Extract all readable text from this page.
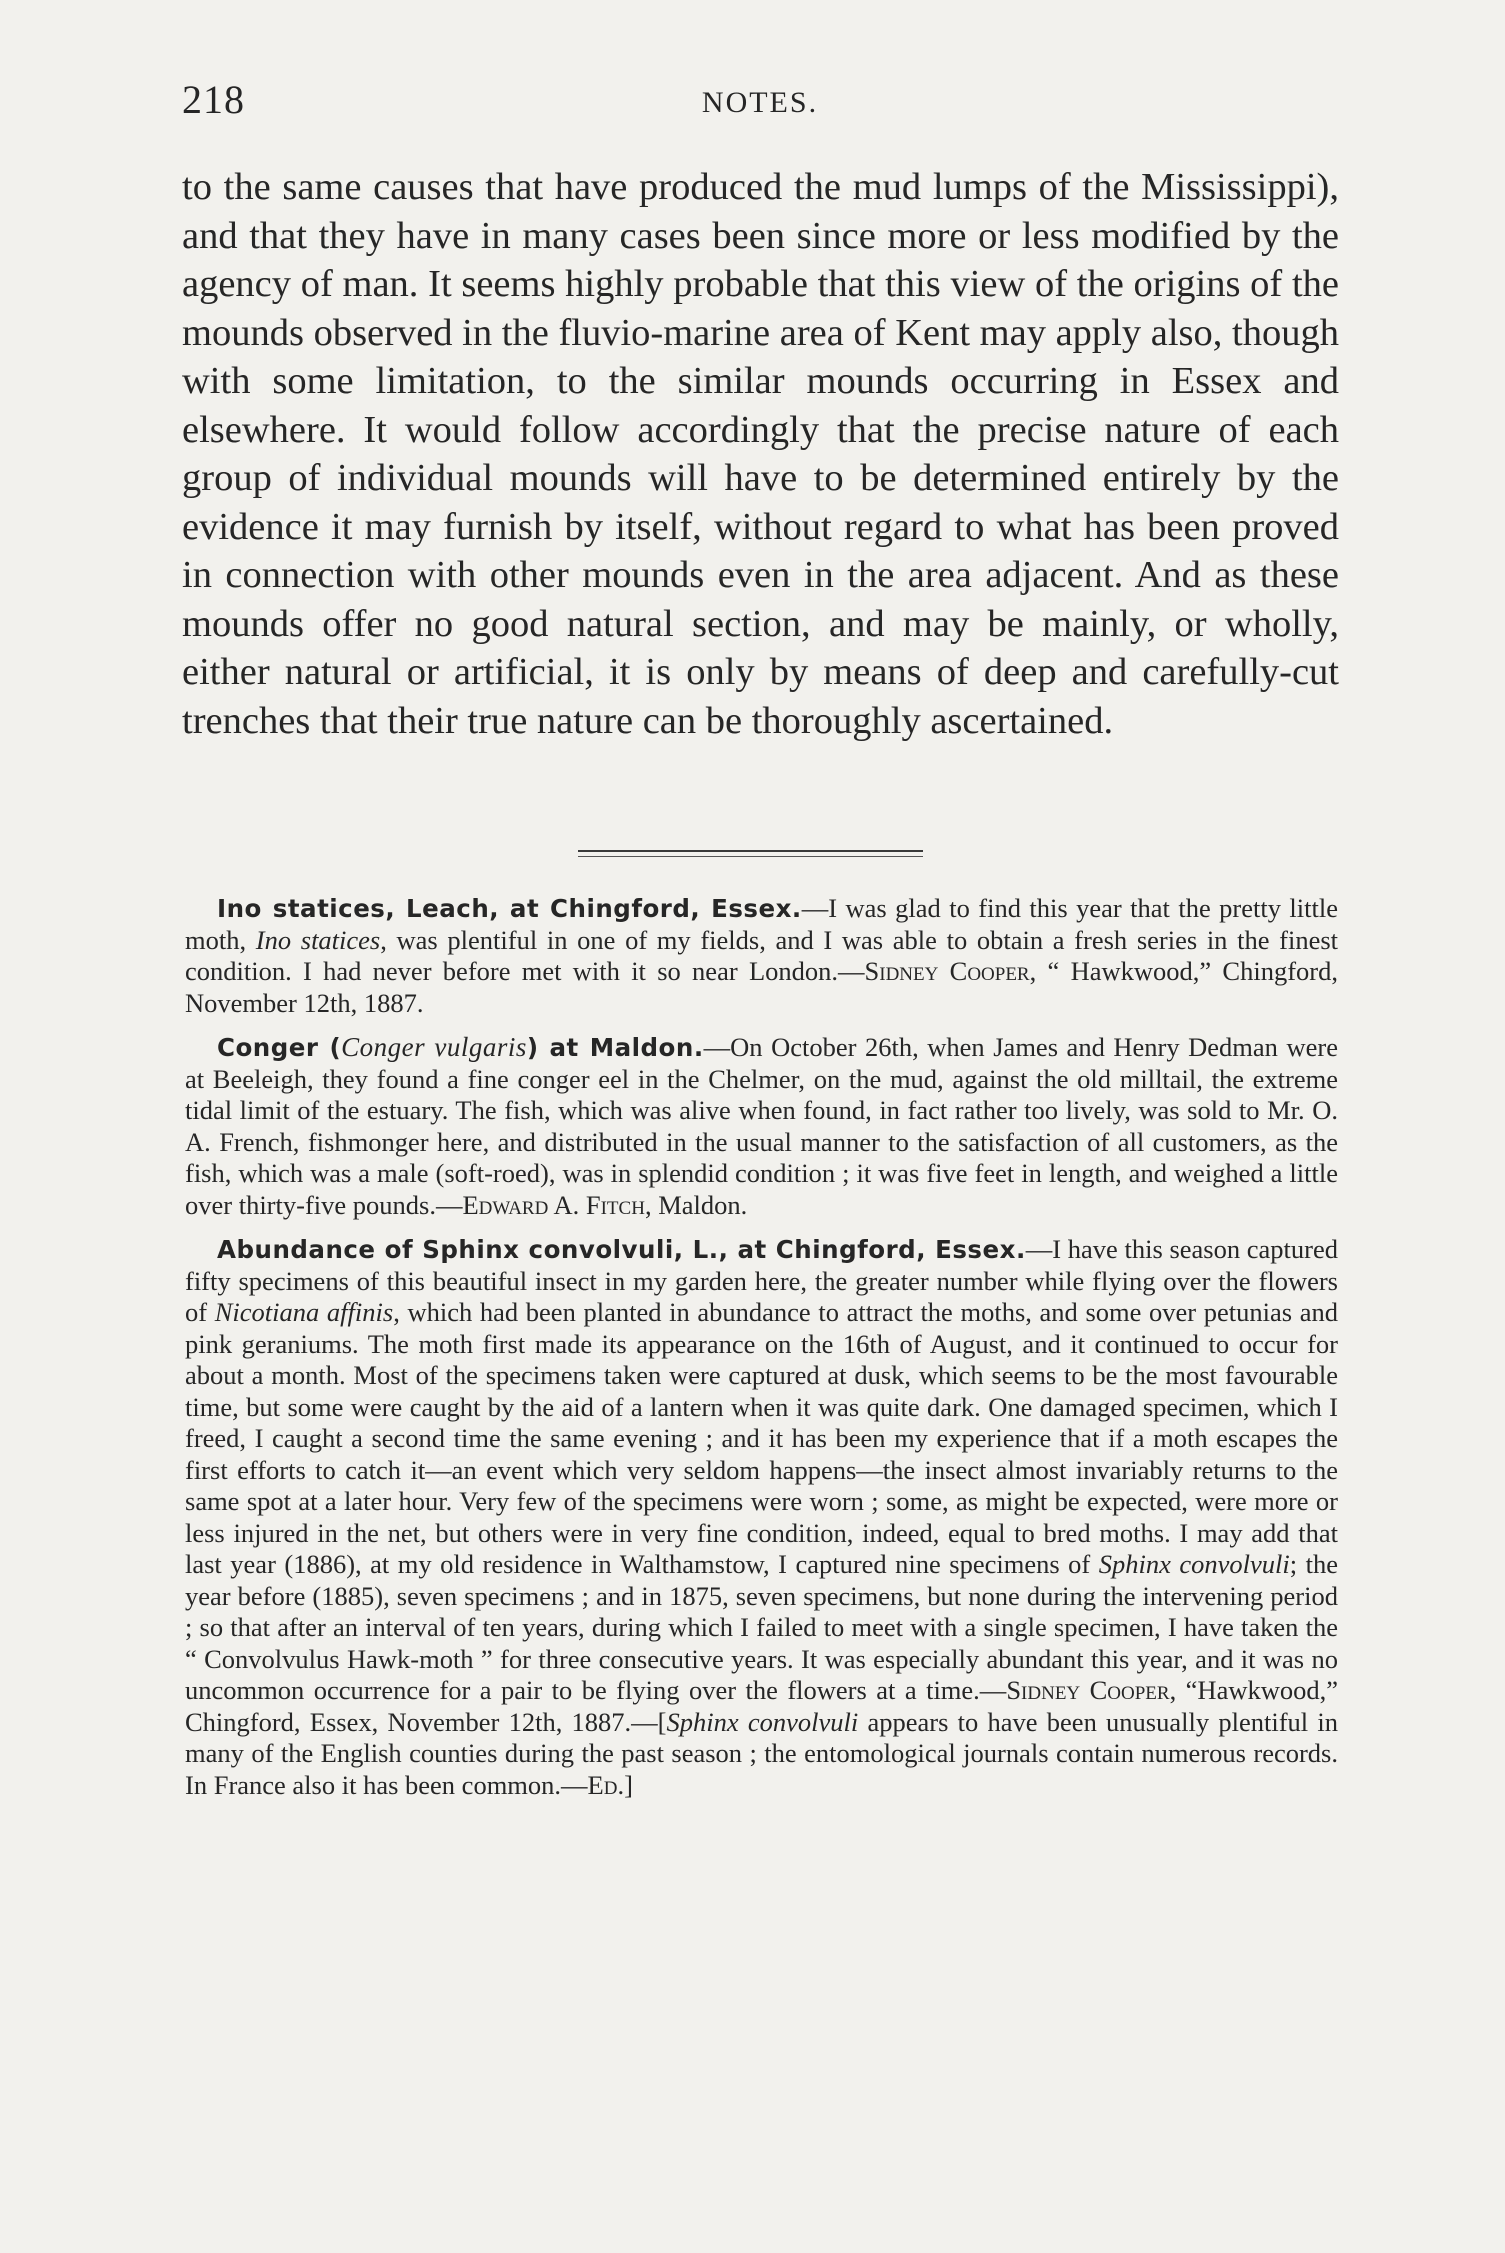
218	NOTES.

to the same causes that have produced the mud lumps of the Mississippi), and that they have in many cases been since more or less modified by the agency of man. It seems highly probable that this view of the origins of the mounds observed in the fluvio-marine area of Kent may apply also, though with some limitation, to the similar mounds occurring in Essex and elsewhere. It would follow accordingly that the precise nature of each group of individual mounds will have to be determined entirely by the evidence it may furnish by itself, without regard to what has been proved in connection with other mounds even in the area adjacent. And as these mounds offer no good natural section, and may be mainly, or wholly, either natural or artificial, it is only by means of deep and carefully-cut trenches that their true nature can be thoroughly ascertained.

Ino statices, Leach, at Chingford, Essex.—I was glad to find this year that the pretty little moth, Ino statices, was plentiful in one of my fields, and I was able to obtain a fresh series in the finest condition. I had never before met with it so near London.—Sidney Cooper, “ Hawkwood,” Chingford, November 12th, 1887.

Conger (Conger vulgaris) at Maldon.—On October 26th, when James and Henry Dedman were at Beeleigh, they found a fine conger eel in the Chelmer, on the mud, against the old milltail, the extreme tidal limit of the estuary. The fish, which was alive when found, in fact rather too lively, was sold to Mr. O. A. French, fishmonger here, and distributed in the usual manner to the satisfaction of all customers, as the fish, which was a male (soft-roed), was in splendid condition ; it was five feet in length, and weighed a little over thirty-five pounds.—Edward A. Fitch, Maldon.

Abundance of Sphinx convolvuli, L., at Chingford, Essex.—I have this season captured fifty specimens of this beautiful insect in my garden here, the greater number while flying over the flowers of Nicotiana affinis, which had been planted in abundance to attract the moths, and some over petunias and pink geraniums. The moth first made its appearance on the 16th of August, and it continued to occur for about a month. Most of the specimens taken were captured at dusk, which seems to be the most favourable time, but some were caught by the aid of a lantern when it was quite dark. One damaged specimen, which I freed, I caught a second time the same evening ; and it has been my experience that if a moth escapes the first efforts to catch it—an event which very seldom happens—the insect almost invariably returns to the same spot at a later hour. Very few of the specimens were worn ; some, as might be expected, were more or less injured in the net, but others were in very fine condition, indeed, equal to bred moths. I may add that last year (1886), at my old residence in Walthamstow, I captured nine specimens of Sphinx convolvuli; the year before (1885), seven specimens ; and in 1875, seven specimens, but none during the intervening period ; so that after an interval of ten years, during which I failed to meet with a single specimen, I have taken the “ Convolvulus Hawk-moth ” for three consecutive years. It was especially abundant this year, and it was no uncommon occurrence for a pair to be flying over the flowers at a time.—Sidney Cooper, “Hawkwood,” Chingford, Essex, November 12th, 1887.—[Sphinx convolvuli appears to have been unusually plentiful in many of the English counties during the past season ; the entomological journals contain numerous records. In France also it has been common.—Ed.]
